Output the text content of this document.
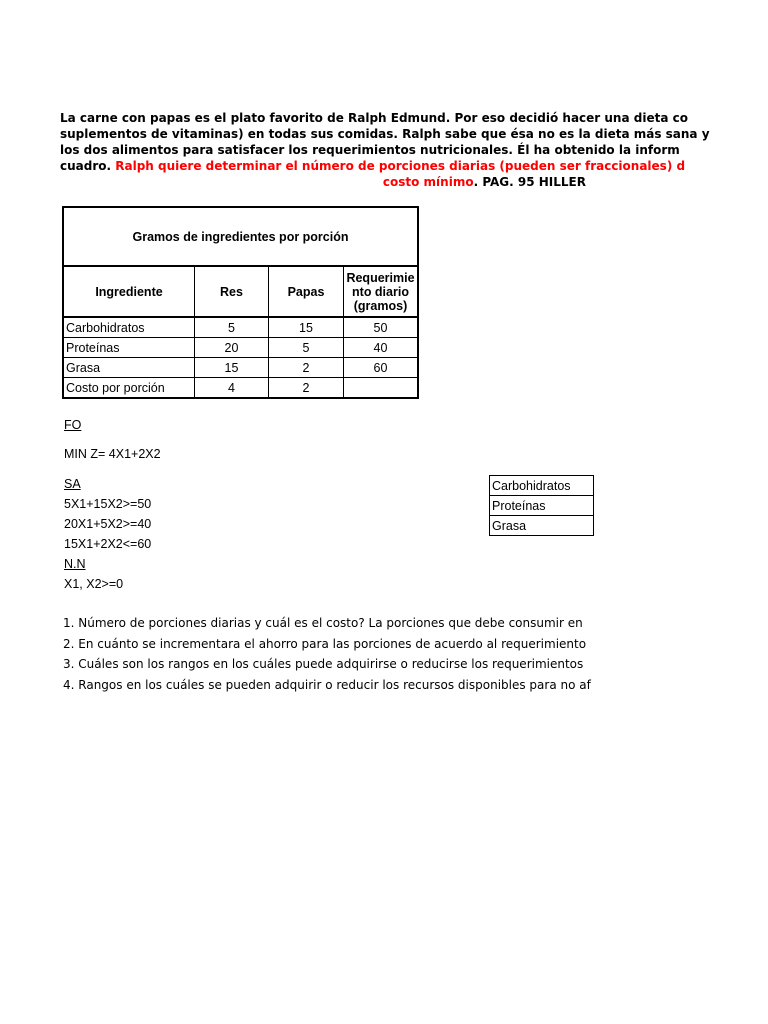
La carne con papas es el plato favorito de Ralph Edmund. Por eso decidió hacer una dieta co
suplementos de vitaminas) en todas sus comidas. Ralph sabe que ésa no es la dieta más sana y
los dos alimentos para satisfacer los requerimientos nutricionales. Él ha obtenido la inform
cuadro. Ralph quiere determinar el número de porciones diarias (pueden ser fraccionales) d
costo mínimo. PAG. 95 HILLER
Gramos de ingredientes por porción			
Ingrediente	Res	Papas	Requerimie nto diario (gramos)
Carbohidratos	5	15	50
Proteínas	20	5	40
Grasa	15	2	60
Costo por porción	4	2	
FO
MIN Z= 4X1+2X2
SA
5X1+15X2>=50
20X1+5X2>=40
15X1+2X2<=60
N.N
X1, X2>=0
Carbohidratos
Proteínas
Grasa
1. Número de porciones diarias y cuál es el costo? La porciones que debe consumir en
2. En cuánto se incrementara el ahorro para las porciones de acuerdo al requerimiento
3. Cuáles son los rangos en los cuáles puede adquirirse o reducirse los requerimientos
4. Rangos en los cuáles se pueden adquirir o reducir los recursos disponibles para no af
